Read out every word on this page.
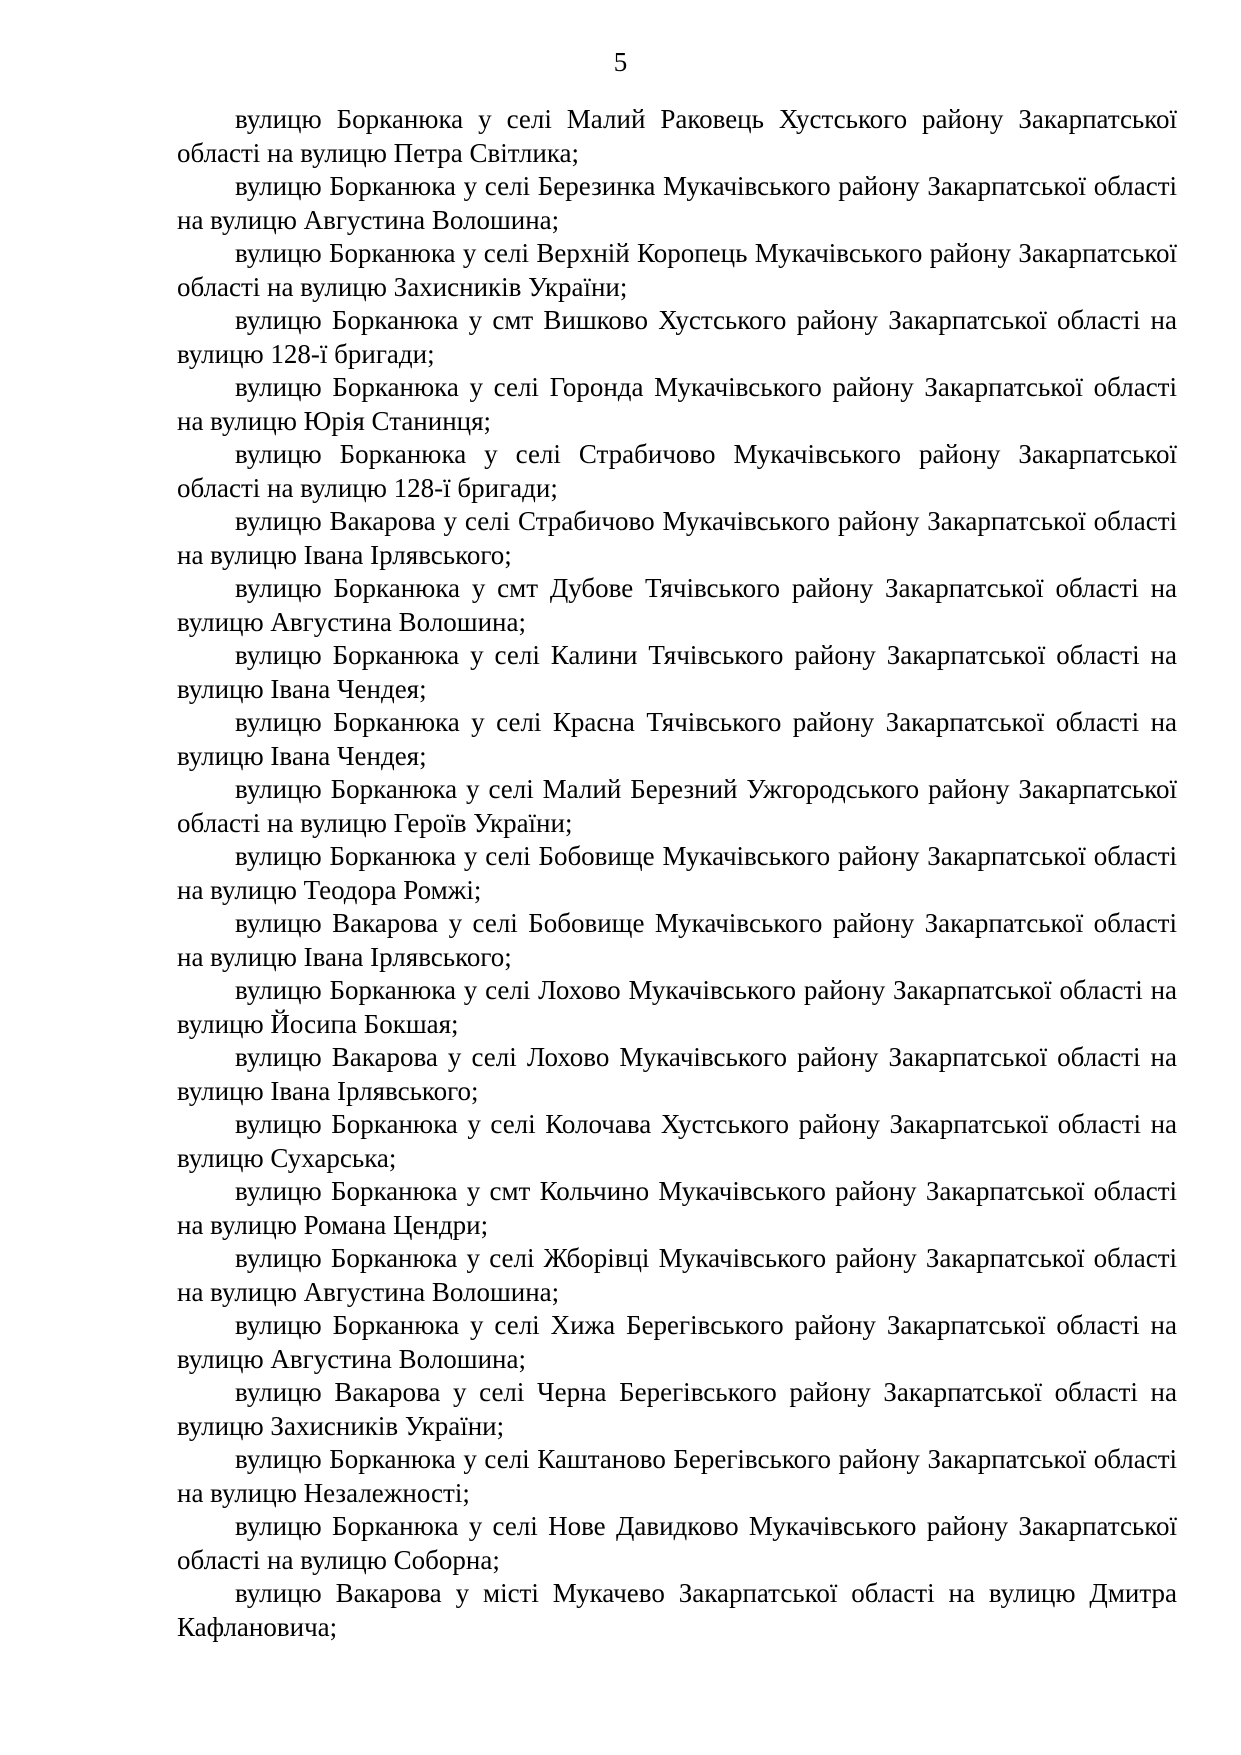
5

вулицю Борканюка у селі Малий Раковець Хустського району Закарпатської області на вулицю Петра Світлика;

вулицю Борканюка у селі Березинка Мукачівського району Закарпатської області на вулицю Августина Волошина;

вулицю Борканюка у селі Верхній Коропець Мукачівського району Закарпатської області на вулицю Захисників України;

вулицю Борканюка у смт Вишково Хустського району Закарпатської області на вулицю 128-ї бригади;

вулицю Борканюка у селі Горонда Мукачівського району Закарпатської області на вулицю Юрія Станинця;

вулицю Борканюка у селі Страбичово Мукачівського району Закарпатської області на вулицю 128-ї бригади;

вулицю Вакарова у селі Страбичово Мукачівського району Закарпатської області на вулицю Івана Ірлявського;

вулицю Борканюка у смт Дубове Тячівського району Закарпатської області на вулицю Августина Волошина;

вулицю Борканюка у селі Калини Тячівського району Закарпатської області на вулицю Івана Чендея;

вулицю Борканюка у селі Красна Тячівського району Закарпатської області на вулицю Івана Чендея;

вулицю Борканюка у селі Малий Березний Ужгородського району Закарпатської області на вулицю Героїв України;

вулицю Борканюка у селі Бобовище Мукачівського району Закарпатської області на вулицю Теодора Ромжі;

вулицю Вакарова у селі Бобовище Мукачівського району Закарпатської області на вулицю Івана Ірлявського;

вулицю Борканюка у селі Лохово Мукачівського району Закарпатської області на вулицю Йосипа Бокшая;

вулицю Вакарова у селі Лохово Мукачівського району Закарпатської області на вулицю Івана Ірлявського;

вулицю Борканюка у селі Колочава Хустського району Закарпатської області на вулицю Сухарська;

вулицю Борканюка у смт Кольчино Мукачівського району Закарпатської області на вулицю Романа Цендри;

вулицю Борканюка у селі Жборівці Мукачівського району Закарпатської області на вулицю Августина Волошина;

вулицю Борканюка у селі Хижа Берегівського району Закарпатської області на вулицю Августина Волошина;

вулицю Вакарова у селі Черна Берегівського району Закарпатської області на вулицю Захисників України;

вулицю Борканюка у селі Каштаново Берегівського району Закарпатської області на вулицю Незалежності;

вулицю Борканюка у селі Нове Давидково Мукачівського району Закарпатської області на вулицю Соборна;

вулицю Вакарова у місті Мукачево Закарпатської області на вулицю Дмитра Кафлановича;
